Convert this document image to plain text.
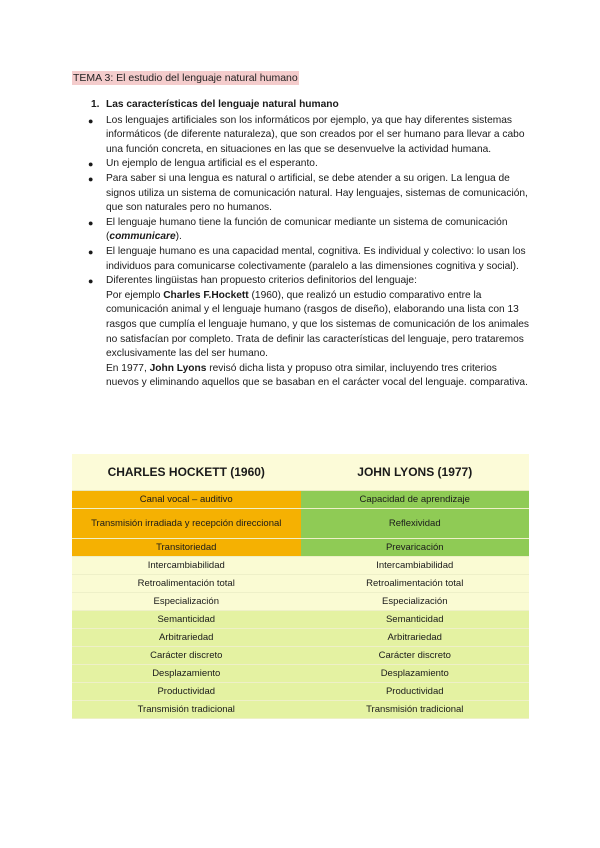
TEMA 3: El estudio del lenguaje natural humano
1. Las características del lenguaje natural humano
● Los lenguajes artificiales son los informáticos por ejemplo, ya que hay diferentes sistemas informáticos (de diferente naturaleza), que son creados por el ser humano para llevar a cabo una función concreta, en situaciones en las que se desenvuelve la actividad humana.
● Un ejemplo de lengua artificial es el esperanto.
● Para saber si una lengua es natural o artificial, se debe atender a su origen. La lengua de signos utiliza un sistema de comunicación natural. Hay lenguajes, sistemas de comunicación, que son naturales pero no humanos.
● El lenguaje humano tiene la función de comunicar mediante un sistema de comunicación (communicare).
● El lenguaje humano es una capacidad mental, cognitiva. Es individual y colectivo: lo usan los individuos para comunicarse colectivamente (paralelo a las dimensiones cognitiva y social).
● Diferentes lingüistas han propuesto criterios definitorios del lenguaje:

Por ejemplo Charles F.Hockett (1960), que realizó un estudio comparativo entre la comunicación animal y el lenguaje humano (rasgos de diseño), elaborando una lista con 13 rasgos que cumplía el lenguaje humano, y que los sistemas de comunicación de los animales no satisfacían por completo. Trata de definir las características del lenguaje, pero trataremos exclusivamente las del ser humano.

En 1977, John Lyons revisó dicha lista y propuso otra similar, incluyendo tres criterios nuevos y eliminando aquellos que se basaban en el carácter vocal del lenguaje. comparativa.

CHARLES HOCKETT (1960)	JOHN LYONS (1977)
Canal vocal – auditivo	Capacidad de aprendizaje
Transmisión irradiada y recepción direccional	Reflexividad
Transitoriedad	Prevaricación
Intercambiabilidad	Intercambiabilidad
Retroalimentación total	Retroalimentación total
Especialización	Especialización
Semanticidad	Semanticidad
Arbitrariedad	Arbitrariedad
Carácter discreto	Carácter discreto
Desplazamiento	Desplazamiento
Productividad	Productividad
Transmisión tradicional	Transmisión tradicional
